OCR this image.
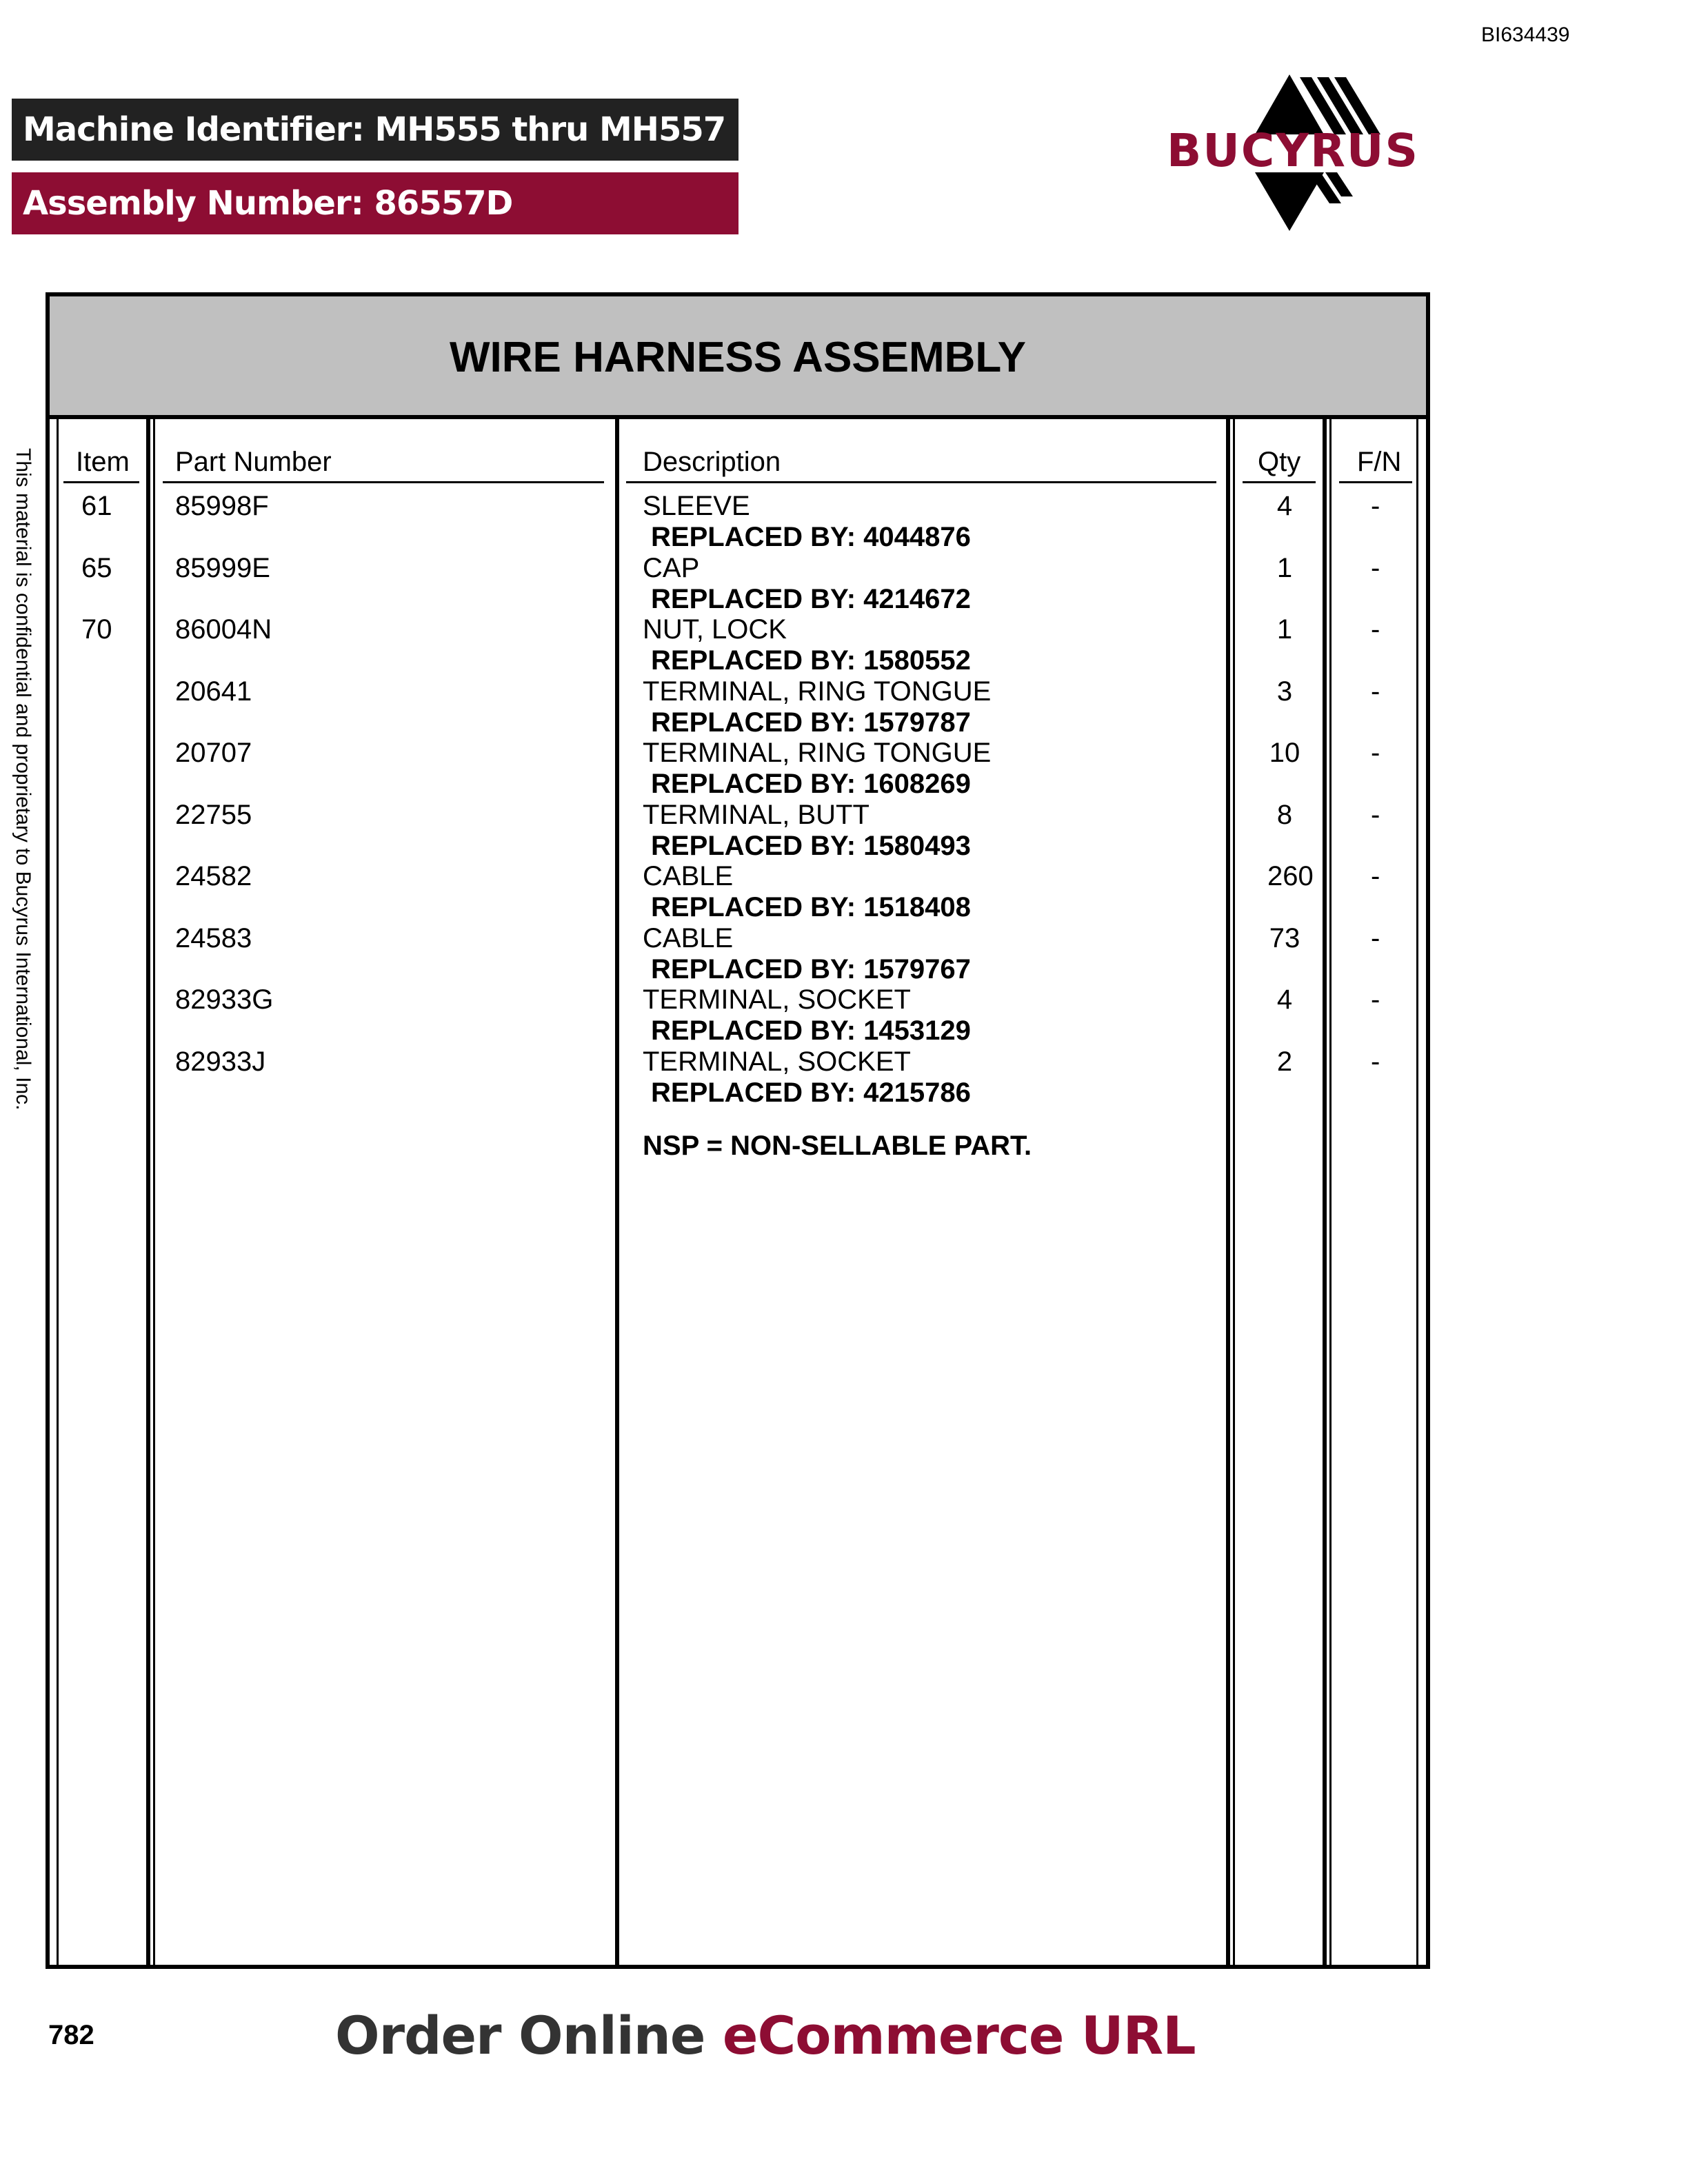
BI634439
Machine Identifier: MH555 thru MH557
Assembly Number: 86557D
BUCYRUS
This material is confidential and proprietary to Bucyrus International, Inc.
WIRE HARNESS ASSEMBLY
Item Part Number	Description	Qty F/N
61 85998F	SLEEVE	4	-
REPLACED BY: 4044876
65 85999E	CAP	1	-
REPLACED BY: 4214672
70 86004N	NUT, LOCK	1	-
REPLACED BY: 1580552
20641	TERMINAL, RING TONGUE	3	-
REPLACED BY: 1579787
20707	TERMINAL, RING TONGUE	10	-
REPLACED BY: 1608269
22755	TERMINAL, BUTT	8	-
REPLACED BY: 1580493
24582	CABLE	260 -
REPLACED BY: 1518408
24583	CABLE	73	-
REPLACED BY: 1579767
82933G	TERMINAL, SOCKET	4	-
REPLACED BY: 1453129
82933J	TERMINAL, SOCKET	2	-
REPLACED BY: 4215786
NSP = NON-SELLABLE PART.
782	Order Online eCommerce URL
